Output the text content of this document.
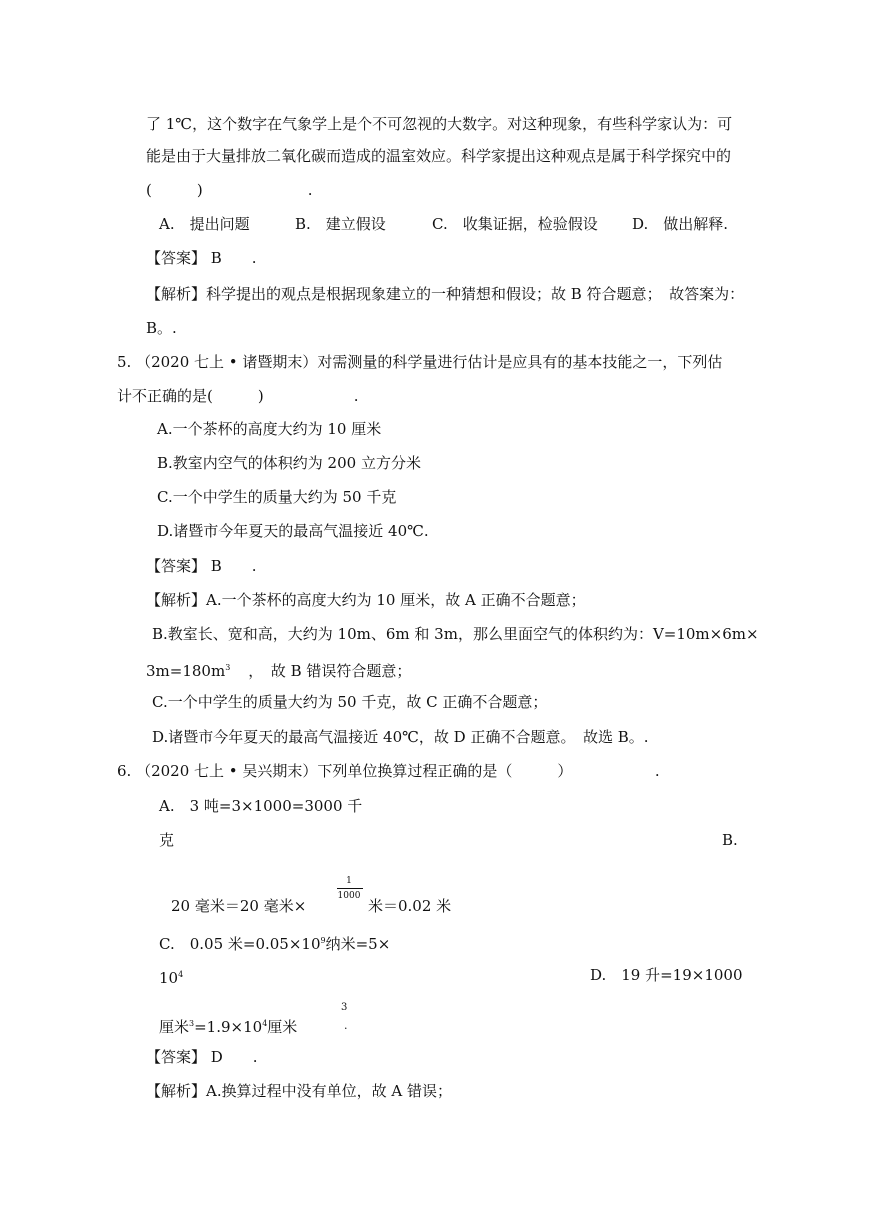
了 1℃，这个数字在气象学上是个不可忽视的大数字。对这种现象，有些科学家认为：可
能是由于大量排放二氧化碳而造成的温室效应。科学家提出这种观点是属于科学探究中的
(　　　)　　　　　　　.
A.　提出问题	B.　建立假设	C.　收集证据，检验假设 D.　做出解释.
【答案】 B　　.
【解析】科学提出的观点是根据现象建立的一种猜想和假设；故 B 符合题意；　故答案为：
B。.
5. （2020 七上 • 诸暨期末）对需测量的科学量进行估计是应具有的基本技能之一，下列估
计不正确的是(　　　)　　　　　　.
A.一个茶杯的高度大约为 10 厘米
B.教室内空气的体积约为 200 立方分米
C.一个中学生的质量大约为 50 千克
D.诸暨市今年夏天的最高气温接近 40℃.
【答案】 B　　.
【解析】A.一个茶杯的高度大约为 10 厘米，故 A 正确不合题意；
B.教室长、宽和高，大约为 10m、6m 和 3m，那么里面空气的体积约为：V=10m×6m×
$3m=180m^3$ ，　故 B 错误符合题意；
C.一个中学生的质量大约为 50 千克，故 C 正确不合题意；
D.诸暨市今年夏天的最高气温接近 40℃，故 D 正确不合题意。　故选 B。.
6. （2020 七上 • 吴兴期末）下列单位换算过程正确的是（　　　）　　　　　　.
A.　3 吨=3×1000=3000 千
克	B.
20 毫米＝20 毫米×
1
1000
米＝0.02 米
C.　0.05 米$=0.05\times 10^9$纳米=5×
$10^4$	D.　19 升=19×1000
厘米$^3=1.9\times 10^4$厘米
3
.
【答案】 D　　.
【解析】A.换算过程中没有单位，故 A 错误；
